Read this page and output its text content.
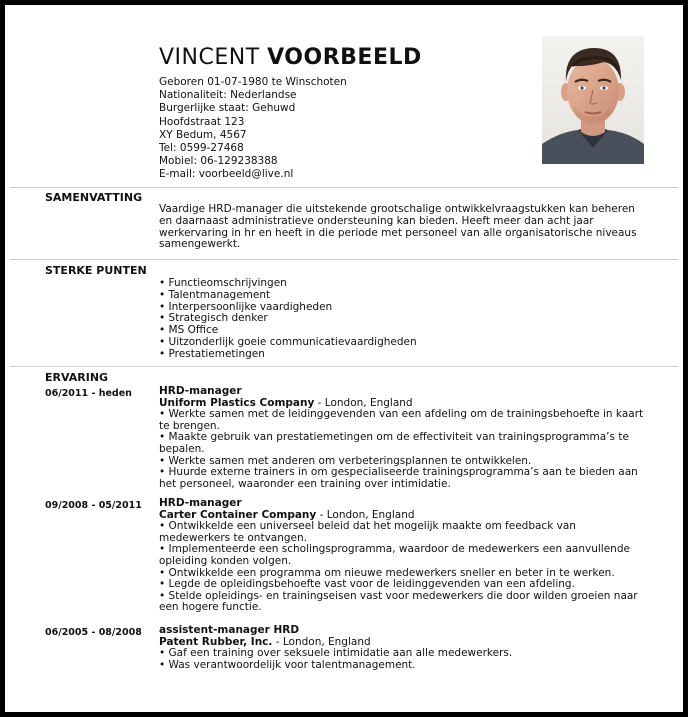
VINCENT VOORBEELD
Geboren 01-07-1980 te Winschoten
Nationaliteit: Nederlandse
Burgerlijke staat: Gehuwd
Hoofdstraat 123
XY Bedum, 4567
Tel: 0599-27468
Mobiel: 06-129238388
E-mail: voorbeeld@live.nl
SAMENVATTING

Vaardige HRD-manager die uitstekende grootschalige ontwikkelvraagstukken kan beheren en daarnaast administratieve ondersteuning kan bieden. Heeft meer dan acht jaar werkervaring in hr en heeft in die periode met personeel van alle organisatorische niveaus samengewerkt.

STERKE PUNTEN
• Functieomschrijvingen
• Talentmanagement
• Interpersoonlijke vaardigheden
• Strategisch denker
• MS Office
• Uitzonderlijk goeie communicatievaardigheden
• Prestatiemetingen
ERVARING
06/2011 - heden	HRD-manager
Uniform Plastics Company - London, England
• Werkte samen met de leidinggevenden van een afdeling om de trainingsbehoefte in kaart te brengen.
• Maakte gebruik van prestatiemetingen om de effectiviteit van trainingsprogramma’s te bepalen.
• Werkte samen met anderen om verbeteringsplannen te ontwikkelen.
• Huurde externe trainers in om gespecialiseerde trainingsprogramma’s aan te bieden aan het personeel, waaronder een training over intimidatie.
09/2008 - 05/2011 HRD-manager
Carter Container Company - London, England
• Ontwikkelde een universeel beleid dat het mogelijk maakte om feedback van medewerkers te ontvangen.
• Implementeerde een scholingsprogramma, waardoor de medewerkers een aanvullende opleiding konden volgen.
• Ontwikkelde een programma om nieuwe medewerkers sneller en beter in te werken.
• Legde de opleidingsbehoefte vast voor de leidinggevenden van een afdeling.
• Stelde opleidings- en trainingseisen vast voor medewerkers die door wilden groeien naar een hogere functie.
06/2005 - 08/2008 assistent-manager HRD
Patent Rubber, Inc. - London, England
• Gaf een training over seksuele intimidatie aan alle medewerkers.
• Was verantwoordelijk voor talentmanagement.
